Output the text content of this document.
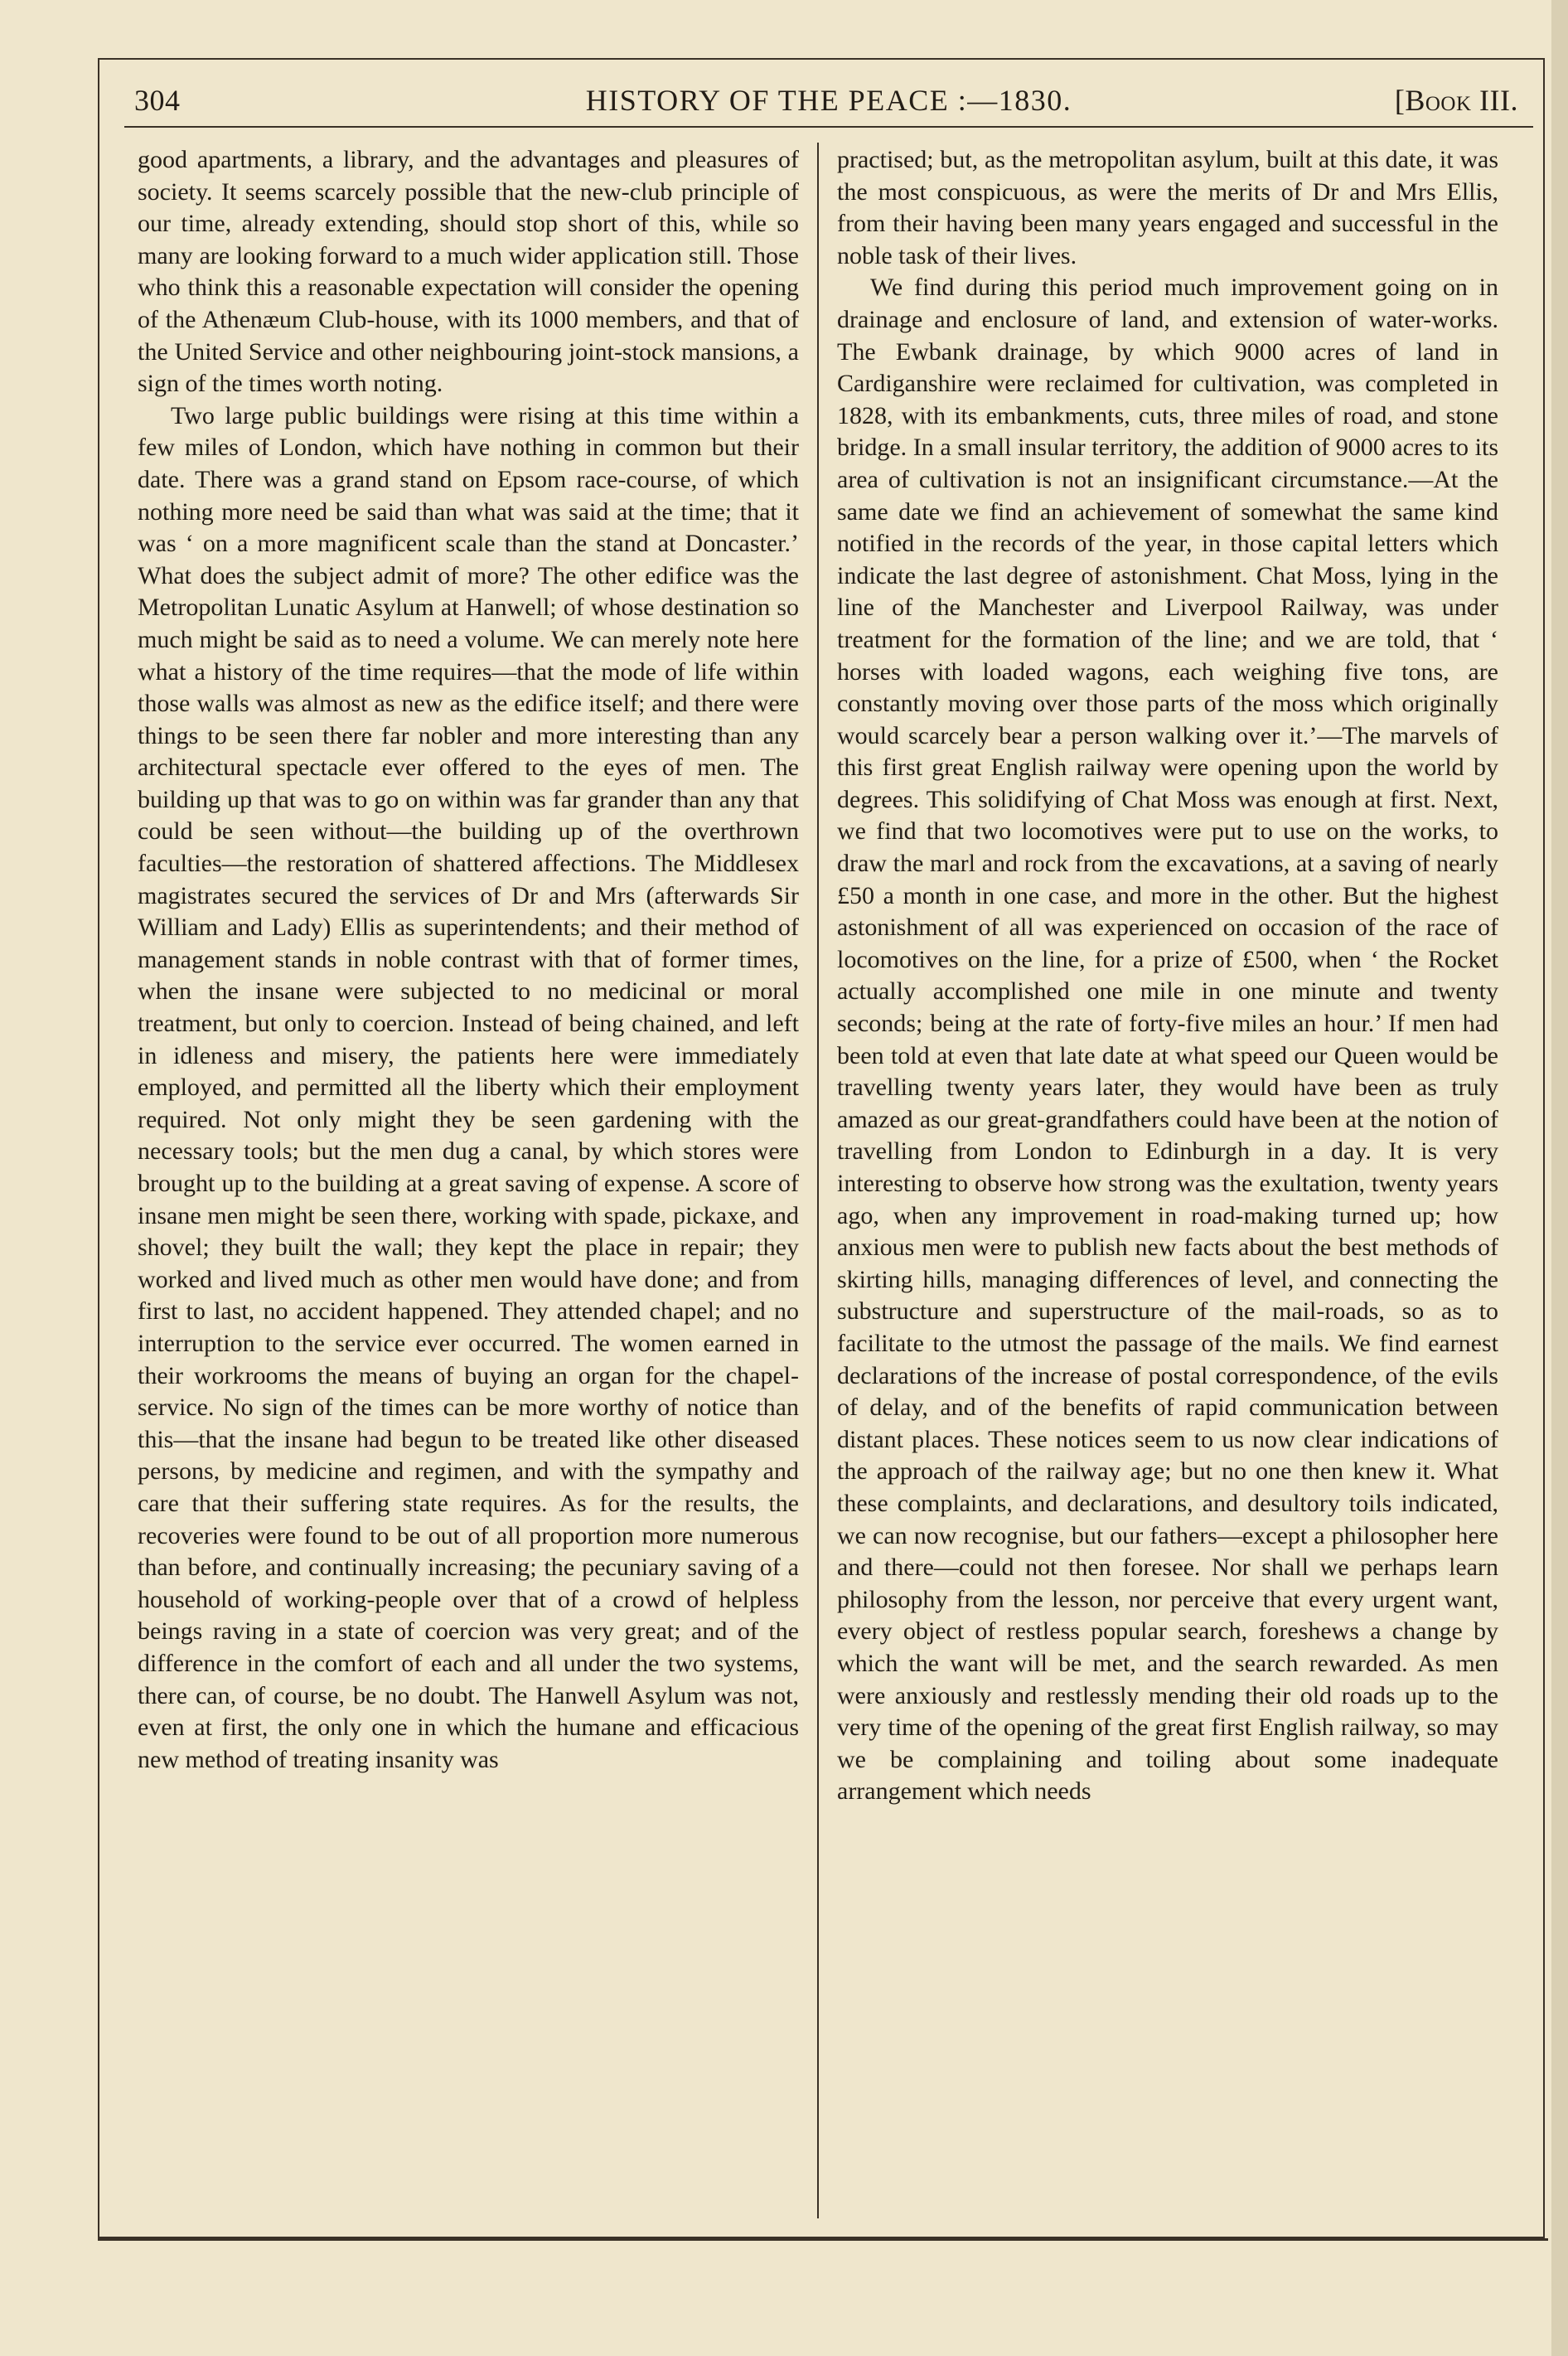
304	HISTORY OF THE PEACE :—1830.	[Book III.

good apartments, a library, and the advantages and pleasures of society. It seems scarcely possible that the new-club principle of our time, already extending, should stop short of this, while so many are looking forward to a much wider application still. Those who think this a reasonable expectation will consider the opening of the Athenæum Club-house, with its 1000 members, and that of the United Service and other neighbouring joint-stock mansions, a sign of the times worth noting.

Two large public buildings were rising at this time within a few miles of London, which have nothing in common but their date. There was a grand stand on Epsom race-course, of which nothing more need be said than what was said at the time; that it was ‘ on a more magnificent scale than the stand at Doncaster.’ What does the subject admit of more? The other edifice was the Metropolitan Lunatic Asylum at Hanwell; of whose destination so much might be said as to need a volume. We can merely note here what a history of the time requires—that the mode of life within those walls was almost as new as the edifice itself; and there were things to be seen there far nobler and more interesting than any architectural spectacle ever offered to the eyes of men. The building up that was to go on within was far grander than any that could be seen without—the building up of the overthrown faculties—the restoration of shattered affections. The Middlesex magistrates secured the services of Dr and Mrs (afterwards Sir William and Lady) Ellis as superintendents; and their method of management stands in noble contrast with that of former times, when the insane were subjected to no medicinal or moral treatment, but only to coercion. Instead of being chained, and left in idleness and misery, the patients here were immediately employed, and permitted all the liberty which their employment required. Not only might they be seen gardening with the necessary tools; but the men dug a canal, by which stores were brought up to the building at a great saving of expense. A score of insane men might be seen there, working with spade, pickaxe, and shovel; they built the wall; they kept the place in repair; they worked and lived much as other men would have done; and from first to last, no accident happened. They attended chapel; and no interruption to the service ever occurred. The women earned in their workrooms the means of buying an organ for the chapel-service. No sign of the times can be more worthy of notice than this—that the insane had begun to be treated like other diseased persons, by medicine and regimen, and with the sympathy and care that their suffering state requires. As for the results, the recoveries were found to be out of all proportion more numerous than before, and continually increasing; the pecuniary saving of a household of working-people over that of a crowd of helpless beings raving in a state of coercion was very great; and of the difference in the comfort of each and all under the two systems, there can, of course, be no doubt. The Hanwell Asylum was not, even at first, the only one in which the humane and efficacious new method of treating insanity was

practised; but, as the metropolitan asylum, built at this date, it was the most conspicuous, as were the merits of Dr and Mrs Ellis, from their having been many years engaged and successful in the noble task of their lives.

We find during this period much improvement going on in drainage and enclosure of land, and extension of water-works. The Ewbank drainage, by which 9000 acres of land in Cardiganshire were reclaimed for cultivation, was completed in 1828, with its embankments, cuts, three miles of road, and stone bridge. In a small insular territory, the addition of 9000 acres to its area of cultivation is not an insignificant circumstance.—At the same date we find an achievement of somewhat the same kind notified in the records of the year, in those capital letters which indicate the last degree of astonishment. Chat Moss, lying in the line of the Manchester and Liverpool Railway, was under treatment for the formation of the line; and we are told, that ‘ horses with loaded wagons, each weighing five tons, are constantly moving over those parts of the moss which originally would scarcely bear a person walking over it.’—The marvels of this first great English railway were opening upon the world by degrees. This solidifying of Chat Moss was enough at first. Next, we find that two locomotives were put to use on the works, to draw the marl and rock from the excavations, at a saving of nearly £50 a month in one case, and more in the other. But the highest astonishment of all was experienced on occasion of the race of locomotives on the line, for a prize of £500, when ‘ the Rocket actually accomplished one mile in one minute and twenty seconds; being at the rate of forty-five miles an hour.’ If men had been told at even that late date at what speed our Queen would be travelling twenty years later, they would have been as truly amazed as our great-grandfathers could have been at the notion of travelling from London to Edinburgh in a day. It is very interesting to observe how strong was the exultation, twenty years ago, when any improvement in road-making turned up; how anxious men were to publish new facts about the best methods of skirting hills, managing differences of level, and connecting the substructure and superstructure of the mail-roads, so as to facilitate to the utmost the passage of the mails. We find earnest declarations of the increase of postal correspondence, of the evils of delay, and of the benefits of rapid communication between distant places. These notices seem to us now clear indications of the approach of the railway age; but no one then knew it. What these complaints, and declarations, and desultory toils indicated, we can now recognise, but our fathers—except a philosopher here and there—could not then foresee. Nor shall we perhaps learn philosophy from the lesson, nor perceive that every urgent want, every object of restless popular search, foreshews a change by which the want will be met, and the search rewarded. As men were anxiously and restlessly mending their old roads up to the very time of the opening of the great first English railway, so may we be complaining and toiling about some inadequate arrangement which needs
